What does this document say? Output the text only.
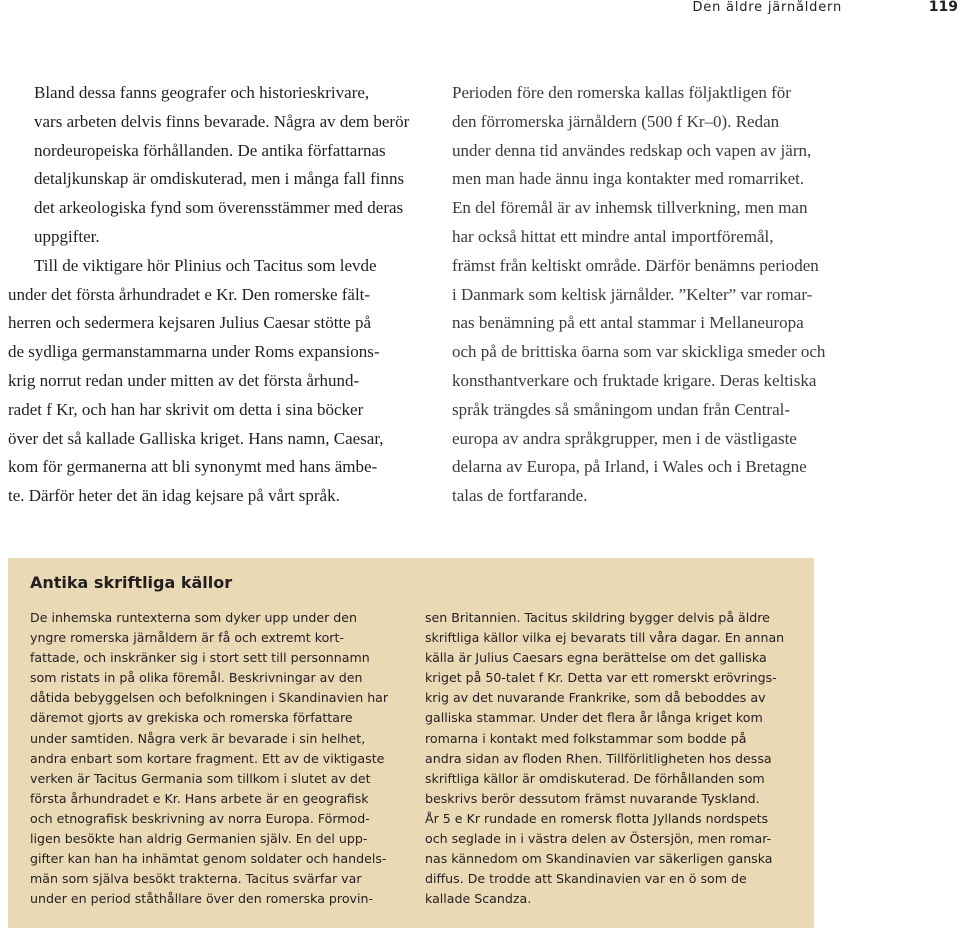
Den äldre järnåldern	119

Bland dessa fanns geografer och historieskrivare,
vars arbeten delvis finns bevarade. Några av dem berör
nordeuropeiska förhållanden. De antika författarnas
detaljkunskap är omdiskuterad, men i många fall finns
det arkeologiska fynd som överensstämmer med deras
uppgifter.

Till de viktigare hör Plinius och Tacitus som levde
under det första århundradet e Kr. Den romerske fält-
herren och sedermera kejsaren Julius Caesar stötte på
de sydliga germanstammarna under Roms expansions-
krig norrut redan under mitten av det första århund-
radet f Kr, och han har skrivit om detta i sina böcker
över det så kallade Galliska kriget. Hans namn, Caesar,
kom för germanerna att bli synonymt med hans ämbe-
te. Därför heter det än idag kejsare på vårt språk.

Perioden före den romerska kallas följaktligen för
den förromerska järnåldern (500 f Kr–0). Redan
under denna tid användes redskap och vapen av järn,
men man hade ännu inga kontakter med romarriket.
En del föremål är av inhemsk tillverkning, men man
har också hittat ett mindre antal importföremål,
främst från keltiskt område. Därför benämns perioden
i Danmark som keltisk järnålder. ”Kelter” var romar-
nas benämning på ett antal stammar i Mellaneuropa
och på de brittiska öarna som var skickliga smeder och
konsthantverkare och fruktade krigare. Deras keltiska
språk trängdes så småningom undan från Central-
europa av andra språkgrupper, men i de västligaste
delarna av Europa, på Irland, i Wales och i Bretagne
talas de fortfarande.

Antika skriftliga källor

De inhemska runtexterna som dyker upp under den
yngre romerska järnåldern är få och extremt kort-
fattade, och inskränker sig i stort sett till personnamn
som ristats in på olika föremål. Beskrivningar av den
dåtida bebyggelsen och befolkningen i Skandinavien har
däremot gjorts av grekiska och romerska författare
under samtiden. Några verk är bevarade i sin helhet,
andra enbart som kortare fragment. Ett av de viktigaste
verken är Tacitus Germania som tillkom i slutet av det
första århundradet e Kr. Hans arbete är en geografisk
och etnografisk beskrivning av norra Europa. Förmod-
ligen besökte han aldrig Germanien själv. En del upp-
gifter kan han ha inhämtat genom soldater och handels-
män som själva besökt trakterna. Tacitus svärfar var
under en period ståthållare över den romerska provin-

sen Britannien. Tacitus skildring bygger delvis på äldre
skriftliga källor vilka ej bevarats till våra dagar. En annan
källa är Julius Caesars egna berättelse om det galliska
kriget på 50-talet f Kr. Detta var ett romerskt erövrings-
krig av det nuvarande Frankrike, som då beboddes av
galliska stammar. Under det flera år långa kriget kom
romarna i kontakt med folkstammar som bodde på
andra sidan av floden Rhen. Tillförlitligheten hos dessa
skriftliga källor är omdiskuterad. De förhållanden som
beskrivs berör dessutom främst nuvarande Tyskland.
År 5 e Kr rundade en romersk flotta Jyllands nordspets
och seglade in i västra delen av Östersjön, men romar-
nas kännedom om Skandinavien var säkerligen ganska
diffus. De trodde att Skandinavien var en ö som de
kallade Scandza.
